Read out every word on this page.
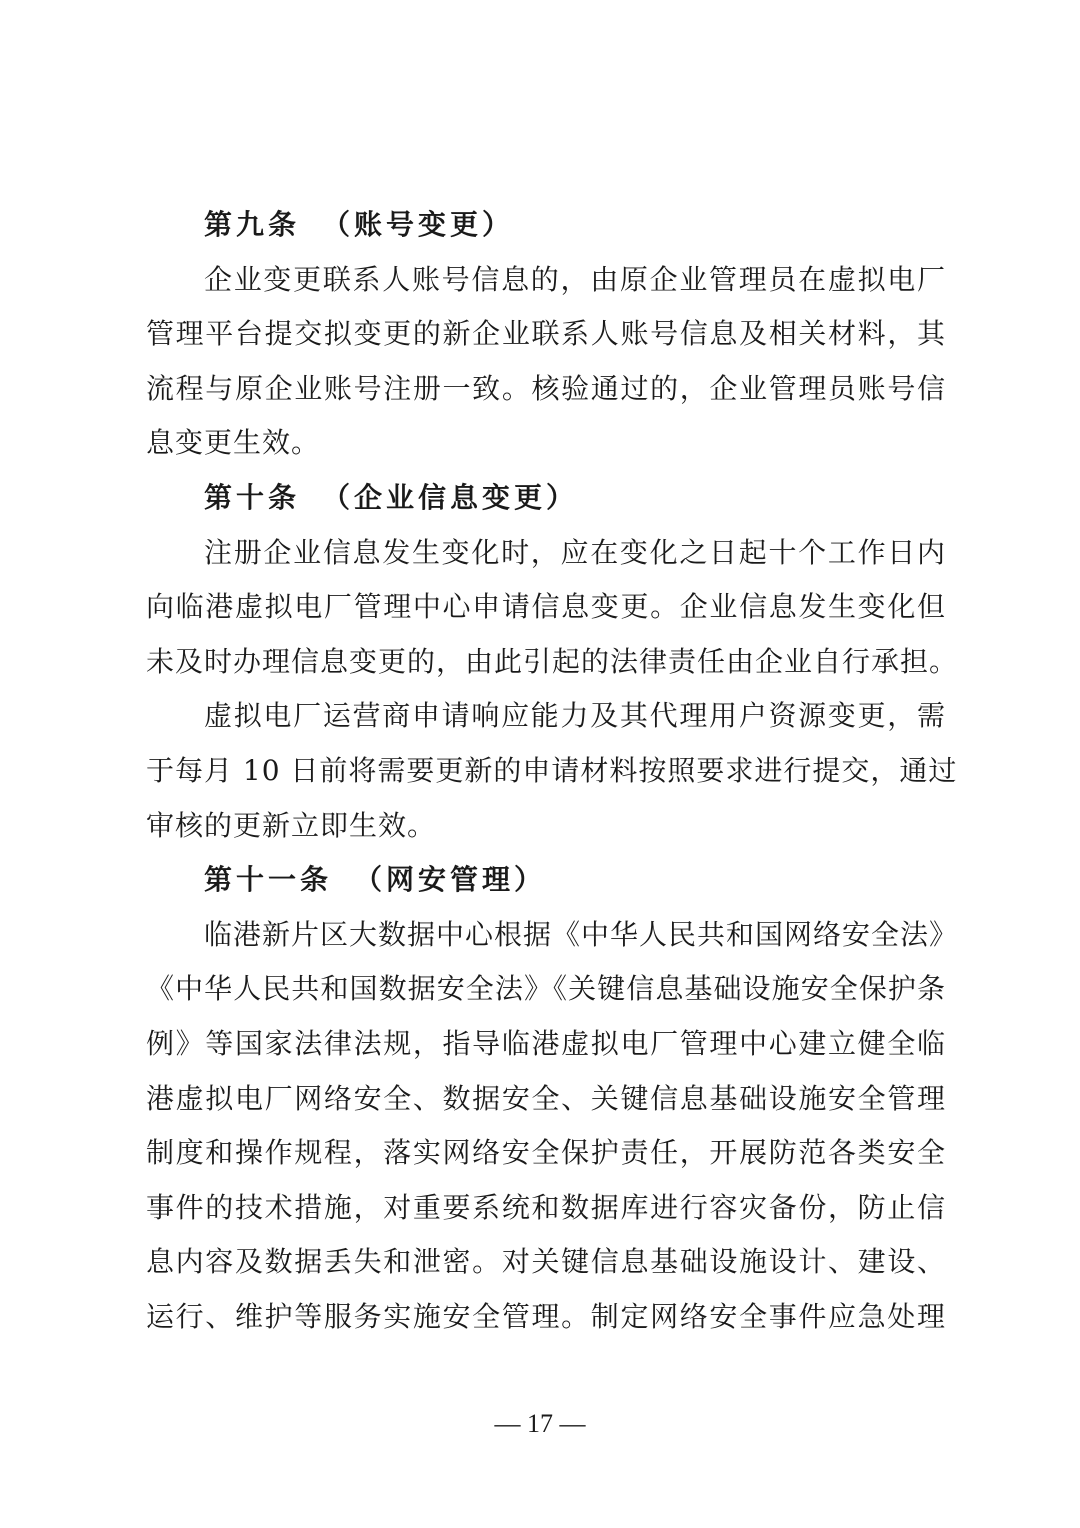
第九条 （账号变更）
企业变更联系人账号信息的，由原企业管理员在虚拟电厂
管理平台提交拟变更的新企业联系人账号信息及相关材料，其
流程与原企业账号注册一致。核验通过的，企业管理员账号信
息变更生效。
第十条 （企业信息变更）
注册企业信息发生变化时，应在变化之日起十个工作日内
向临港虚拟电厂管理中心申请信息变更。企业信息发生变化但
未及时办理信息变更的，由此引起的法律责任由企业自行承担。
虚拟电厂运营商申请响应能力及其代理用户资源变更，需
于每月 10 日前将需要更新的申请材料按照要求进行提交，通过
审核的更新立即生效。
第十一条 （网安管理）
临港新片区大数据中心根据《中华人民共和国网络安全法》
《中华人民共和国数据安全法》《关键信息基础设施安全保护条
例》等国家法律法规，指导临港虚拟电厂管理中心建立健全临
港虚拟电厂网络安全、数据安全、关键信息基础设施安全管理
制度和操作规程，落实网络安全保护责任，开展防范各类安全
事件的技术措施，对重要系统和数据库进行容灾备份，防止信
息内容及数据丢失和泄密。对关键信息基础设施设计、建设、
运行、维护等服务实施安全管理。制定网络安全事件应急处理
— 17 —
